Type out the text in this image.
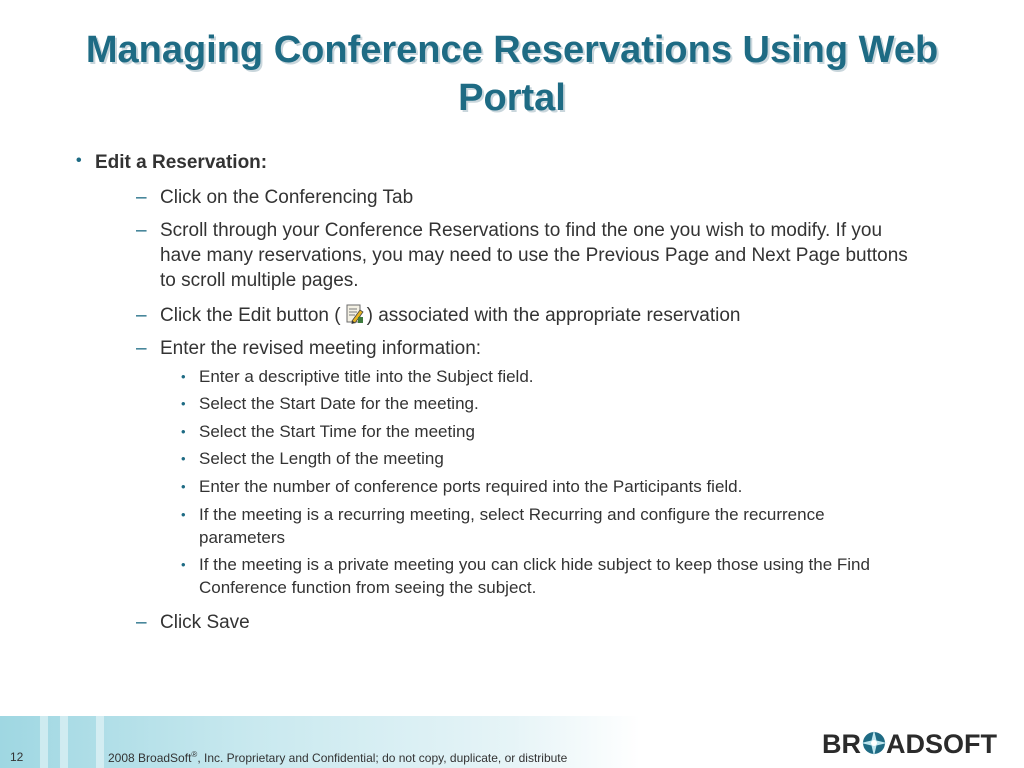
Managing Conference Reservations Using Web Portal
• Edit a Reservation:
– Click on the Conferencing Tab
– Scroll through your Conference Reservations to find the one you wish to modify. If you have many reservations, you may need to use the Previous Page and Next Page buttons to scroll multiple pages.
– Click the Edit button ( ) associated with the appropriate reservation
– Enter the revised meeting information:
• Enter a descriptive title into the Subject field.
• Select the Start Date for the meeting.
• Select the Start Time for the meeting
• Select the Length of the meeting
• Enter the number of conference ports required into the Participants field.
• If the meeting is a recurring meeting, select Recurring and configure the recurrence parameters
• If the meeting is a private meeting you can click hide subject to keep those using the Find Conference function from seeing the subject.
– Click Save
12	2008 BroadSoft®, Inc. Proprietary and Confidential; do not copy, duplicate, or distribute	BR ADSOFT
